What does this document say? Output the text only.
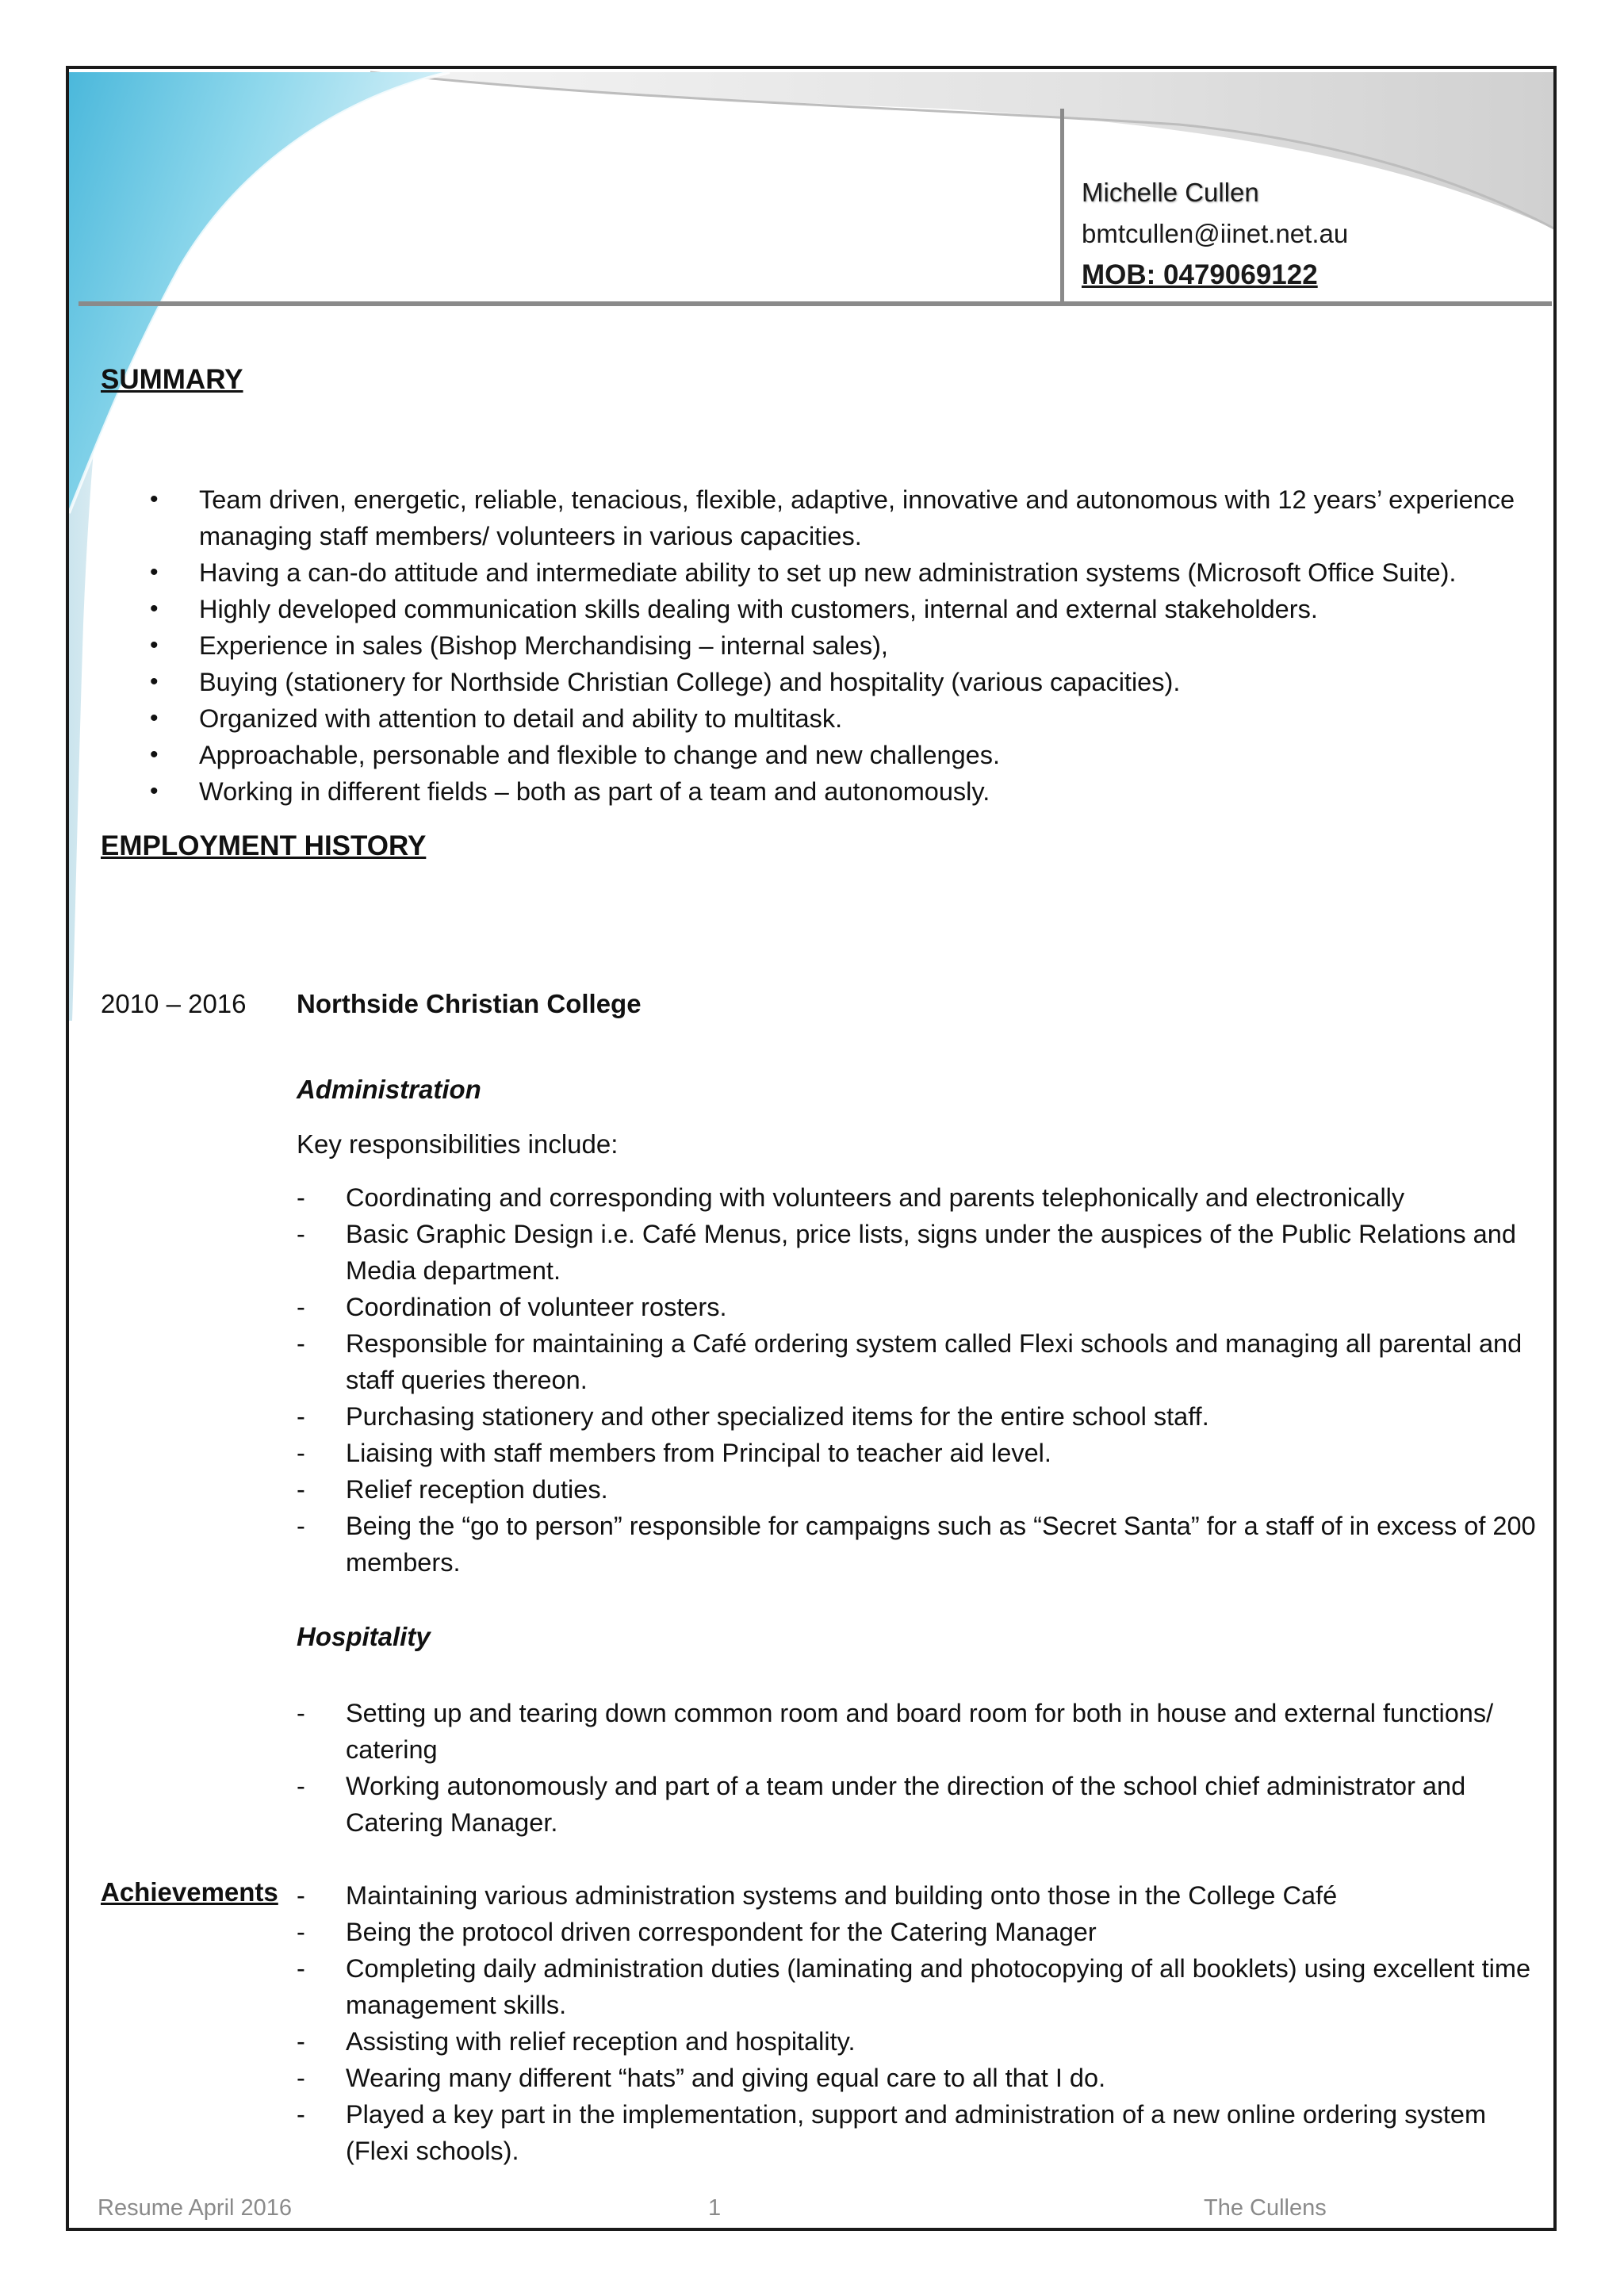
Michelle Cullen
bmtcullen@iinet.net.au
MOB: 0479069122
SUMMARY
• Team driven, energetic, reliable, tenacious, flexible, adaptive, innovative and autonomous with 12 years’ experience managing staff members/ volunteers in various capacities.
• Having a can-do attitude and intermediate ability to set up new administration systems (Microsoft Office Suite).
• Highly developed communication skills dealing with customers, internal and external stakeholders.
• Experience in sales (Bishop Merchandising – internal sales),
• Buying (stationery for Northside Christian College) and hospitality (various capacities).
• Organized with attention to detail and ability to multitask.
• Approachable, personable and flexible to change and new challenges.
• Working in different fields – both as part of a team and autonomously.
EMPLOYMENT HISTORY
2010 – 2016 Northside Christian College
Administration
Key responsibilities include:
- Coordinating and corresponding with volunteers and parents telephonically and electronically
- Basic Graphic Design i.e. Café Menus, price lists, signs under the auspices of the Public Relations and Media department.
- Coordination of volunteer rosters.
- Responsible for maintaining a Café ordering system called Flexi schools and managing all parental and staff queries thereon.
- Purchasing stationery and other specialized items for the entire school staff.
- Liaising with staff members from Principal to teacher aid level.
- Relief reception duties.
- Being the “go to person” responsible for campaigns such as “Secret Santa” for a staff of in excess of 200 members.
Hospitality
- Setting up and tearing down common room and board room for both in house and external functions/ catering
- Working autonomously and part of a team under the direction of the school chief administrator and Catering Manager.
Achievements
-	Maintaining various administration systems and building onto those in the College Café
- Being the protocol driven correspondent for the Catering Manager
- Completing daily administration duties (laminating and photocopying of all booklets) using excellent time management skills.
- Assisting with relief reception and hospitality.
- Wearing many different “hats” and giving equal care to all that I do.
- Played a key part in the implementation, support and administration of a new online ordering system (Flexi schools).
Resume April 2016	1	The Cullens
